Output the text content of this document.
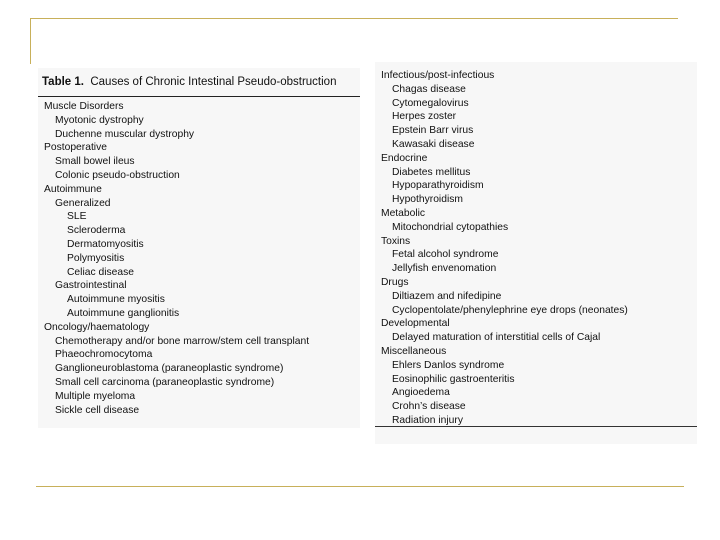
Table 1. Causes of Chronic Intestinal Pseudo-obstruction
Muscle Disorders
Myotonic dystrophy
Duchenne muscular dystrophy
Postoperative
Small bowel ileus
Colonic pseudo-obstruction
Autoimmune
Generalized
SLE
Scleroderma
Dermatomyositis
Polymyositis
Celiac disease
Gastrointestinal
Autoimmune myositis
Autoimmune ganglionitis
Oncology/haematology
Chemotherapy and/or bone marrow/stem cell transplant
Phaeochromocytoma
Ganglioneuroblastoma (paraneoplastic syndrome)
Small cell carcinoma (paraneoplastic syndrome)
Multiple myeloma
Sickle cell disease
Infectious/post-infectious
Chagas disease
Cytomegalovirus
Herpes zoster
Epstein Barr virus
Kawasaki disease
Endocrine
Diabetes mellitus
Hypoparathyroidism
Hypothyroidism
Metabolic
Mitochondrial cytopathies
Toxins
Fetal alcohol syndrome
Jellyfish envenomation
Drugs
Diltiazem and nifedipine
Cyclopentolate/phenylephrine eye drops (neonates)
Developmental
Delayed maturation of interstitial cells of Cajal
Miscellaneous
Ehlers Danlos syndrome
Eosinophilic gastroenteritis
Angioedema
Crohn’s disease
Radiation injury
